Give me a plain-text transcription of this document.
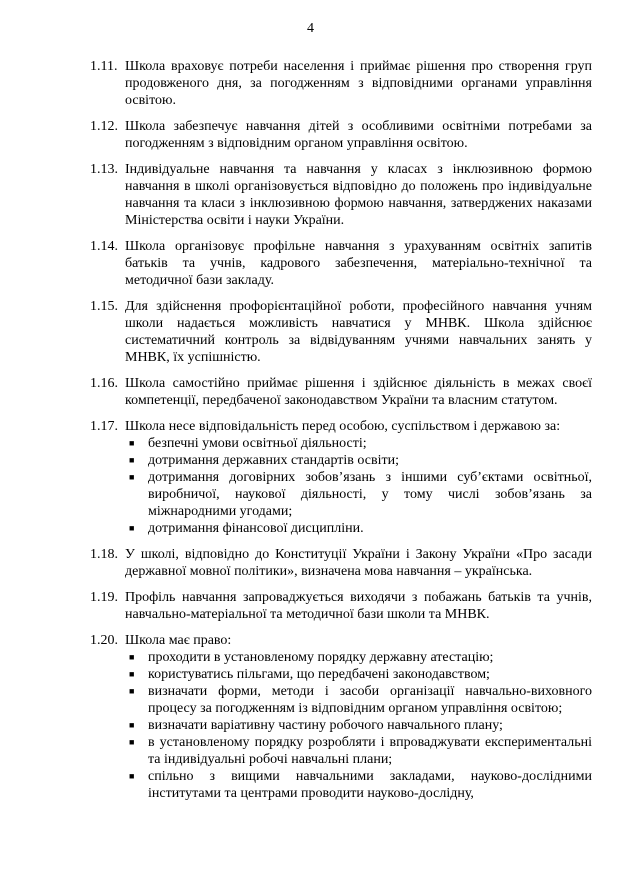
4
1.11. Школа враховує потреби населення і приймає рішення про створення груп продовженого дня, за погодженням з відповідними органами управління освітою.
1.12. Школа забезпечує навчання дітей з особливими освітніми потребами за погодженням з відповідним органом управління освітою.
1.13. Індивідуальне навчання та навчання у класах з інклюзивною формою навчання в школі організовується відповідно до положень про індивідуальне навчання та класи з інклюзивною формою навчання, затверджених наказами Міністерства освіти і науки України.
1.14. Школа організовує профільне навчання з урахуванням освітніх запитів батьків та учнів, кадрового забезпечення, матеріально-технічної та методичної бази закладу.
1.15. Для здійснення профорієнтаційної роботи, професійного навчання учням школи надається можливість навчатися у МНВК. Школа здійснює систематичний контроль за відвідуванням учнями навчальних занять у МНВК, їх успішністю.
1.16. Школа самостійно приймає рішення і здійснює діяльність в межах своєї компетенції, передбаченої законодавством України та власним статутом.
1.17. Школа несе відповідальність перед особою, суспільством і державою за:
■ безпечні умови освітньої діяльності;
■ дотримання державних стандартів освіти;
■ дотримання договірних зобов’язань з іншими суб’єктами освітньої, виробничої, наукової діяльності, у тому числі зобов’язань за міжнародними угодами;
■ дотримання фінансової дисципліни.
1.18. У школі, відповідно до Конституції України і Закону України «Про засади державної мовної політики», визначена мова навчання – українська.
1.19. Профіль навчання запроваджується виходячи з побажань батьків та учнів, навчально-матеріальної та методичної бази школи та МНВК.
1.20. Школа має право:
■ проходити в установленому порядку державну атестацію;
■ користуватись пільгами, що передбачені законодавством;
■ визначати форми, методи і засоби організації навчально-виховного процесу за погодженням із відповідним органом управління освітою;
■ визначати варіативну частину робочого навчального плану;
■ в установленому порядку розробляти і впроваджувати експериментальні та індивідуальні робочі навчальні плани;
■ спільно з вищими навчальними закладами, науково-дослідними інститутами та центрами проводити науково-дослідну,
